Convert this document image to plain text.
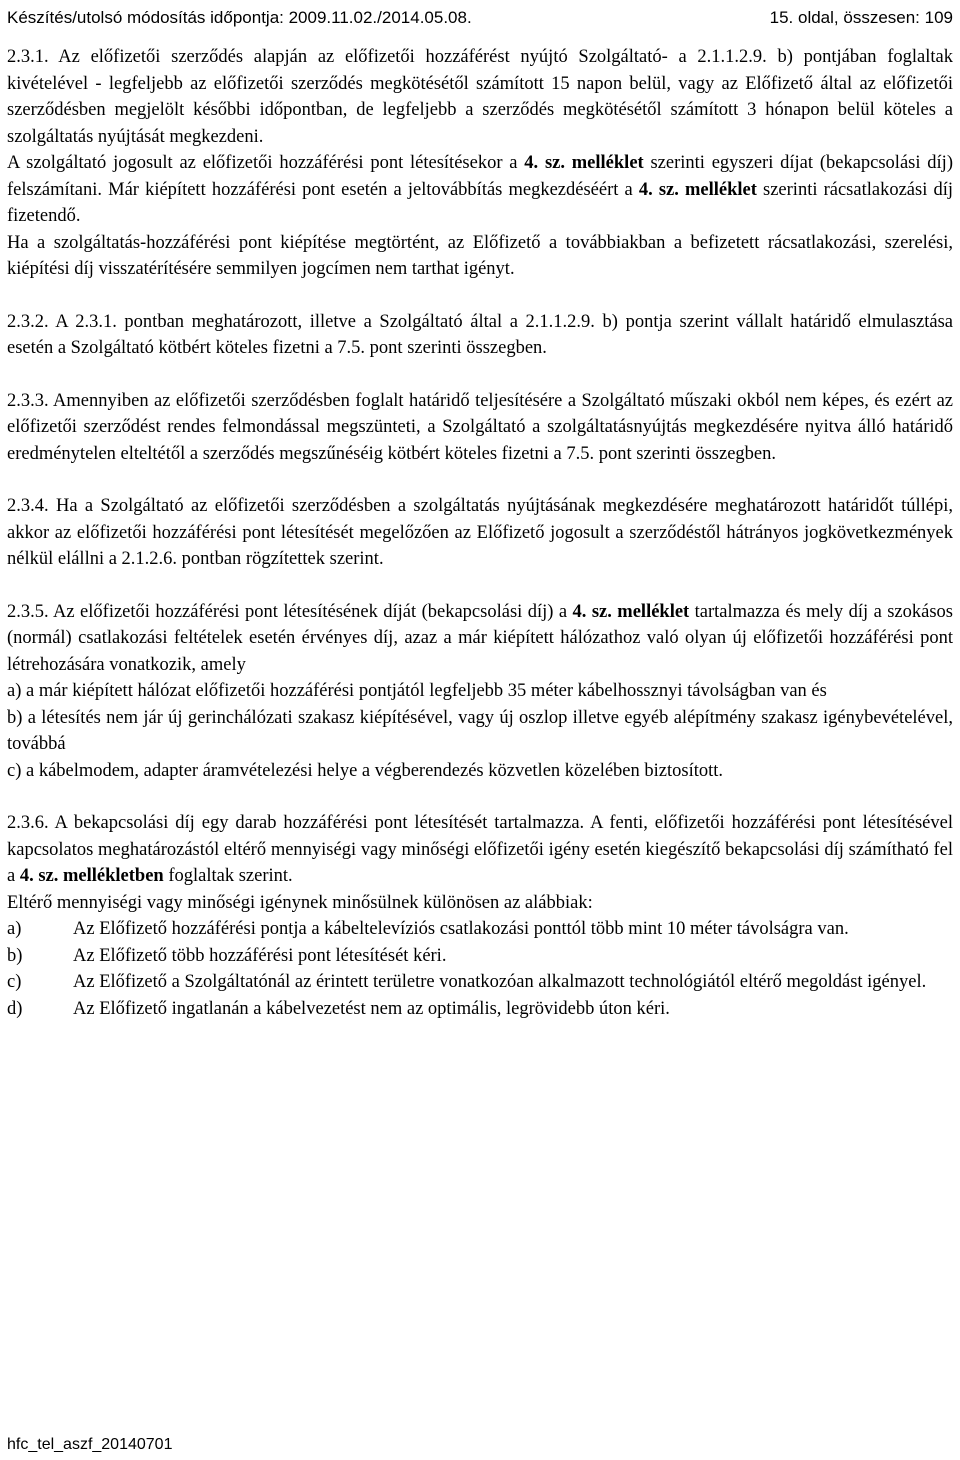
Készítés/utolsó módosítás időpontja: 2009.11.02./2014.05.08.	15. oldal, összesen: 109

2.3.1. Az előfizetői szerződés alapján az előfizetői hozzáférést nyújtó Szolgáltató- a 2.1.1.2.9. b) pontjában foglaltak kivételével - legfeljebb az előfizetői szerződés megkötésétől számított 15 napon belül, vagy az Előfizető által az előfizetői szerződésben megjelölt későbbi időpontban, de legfeljebb a szerződés megkötésétől számított 3 hónapon belül köteles a szolgáltatás nyújtását megkezdeni.

A szolgáltató jogosult az előfizetői hozzáférési pont létesítésekor a 4. sz. melléklet szerinti egyszeri díjat (bekapcsolási díj) felszámítani. Már kiépített hozzáférési pont esetén a jeltovábbítás megkezdéséért a 4. sz. melléklet szerinti rácsatlakozási díj fizetendő.

Ha a szolgáltatás-hozzáférési pont kiépítése megtörtént, az Előfizető a továbbiakban a befizetett rácsatlakozási, szerelési, kiépítési díj visszatérítésére semmilyen jogcímen nem tarthat igényt.

2.3.2. A 2.3.1. pontban meghatározott, illetve a Szolgáltató által a 2.1.1.2.9. b) pontja szerint vállalt határidő elmulasztása esetén a Szolgáltató kötbért köteles fizetni a 7.5. pont szerinti összegben.

2.3.3. Amennyiben az előfizetői szerződésben foglalt határidő teljesítésére a Szolgáltató műszaki okból nem képes, és ezért az előfizetői szerződést rendes felmondással megszünteti, a Szolgáltató a szolgáltatásnyújtás megkezdésére nyitva álló határidő eredménytelen elteltétől a szerződés megszűnéséig kötbért köteles fizetni a 7.5. pont szerinti összegben.

2.3.4. Ha a Szolgáltató az előfizetői szerződésben a szolgáltatás nyújtásának megkezdésére meghatározott határidőt túllépi, akkor az előfizetői hozzáférési pont létesítését megelőzően az Előfizető jogosult a szerződéstől hátrányos jogkövetkezmények nélkül elállni a 2.1.2.6. pontban rögzítettek szerint.

2.3.5. Az előfizetői hozzáférési pont létesítésének díját (bekapcsolási díj) a 4. sz. melléklet tartalmazza és mely díj a szokásos (normál) csatlakozási feltételek esetén érvényes díj, azaz a már kiépített hálózathoz való olyan új előfizetői hozzáférési pont létrehozására vonatkozik, amely

a) a már kiépített hálózat előfizetői hozzáférési pontjától legfeljebb 35 méter kábelhossznyi távolságban van és

b) a létesítés nem jár új gerinchálózati szakasz kiépítésével, vagy új oszlop illetve egyéb alépítmény szakasz igénybevételével, továbbá

c) a kábelmodem, adapter áramvételezési helye a végberendezés közvetlen közelében biztosított.

2.3.6. A bekapcsolási díj egy darab hozzáférési pont létesítését tartalmazza. A fenti, előfizetői hozzáférési pont létesítésével kapcsolatos meghatározástól eltérő mennyiségi vagy minőségi előfizetői igény esetén kiegészítő bekapcsolási díj számítható fel a 4. sz. mellékletben foglaltak szerint.

Eltérő mennyiségi vagy minőségi igénynek minősülnek különösen az alábbiak:

a)	Az Előfizető hozzáférési pontja a kábeltelevíziós csatlakozási ponttól több mint 10 méter távolságra van.
b)	Az Előfizető több hozzáférési pont létesítését kéri.
c)	Az Előfizető a Szolgáltatónál az érintett területre vonatkozóan alkalmazott technológiától eltérő megoldást igényel.
d)	Az Előfizető ingatlanán a kábelvezetést nem az optimális, legrövidebb úton kéri.
hfc_tel_aszf_20140701
